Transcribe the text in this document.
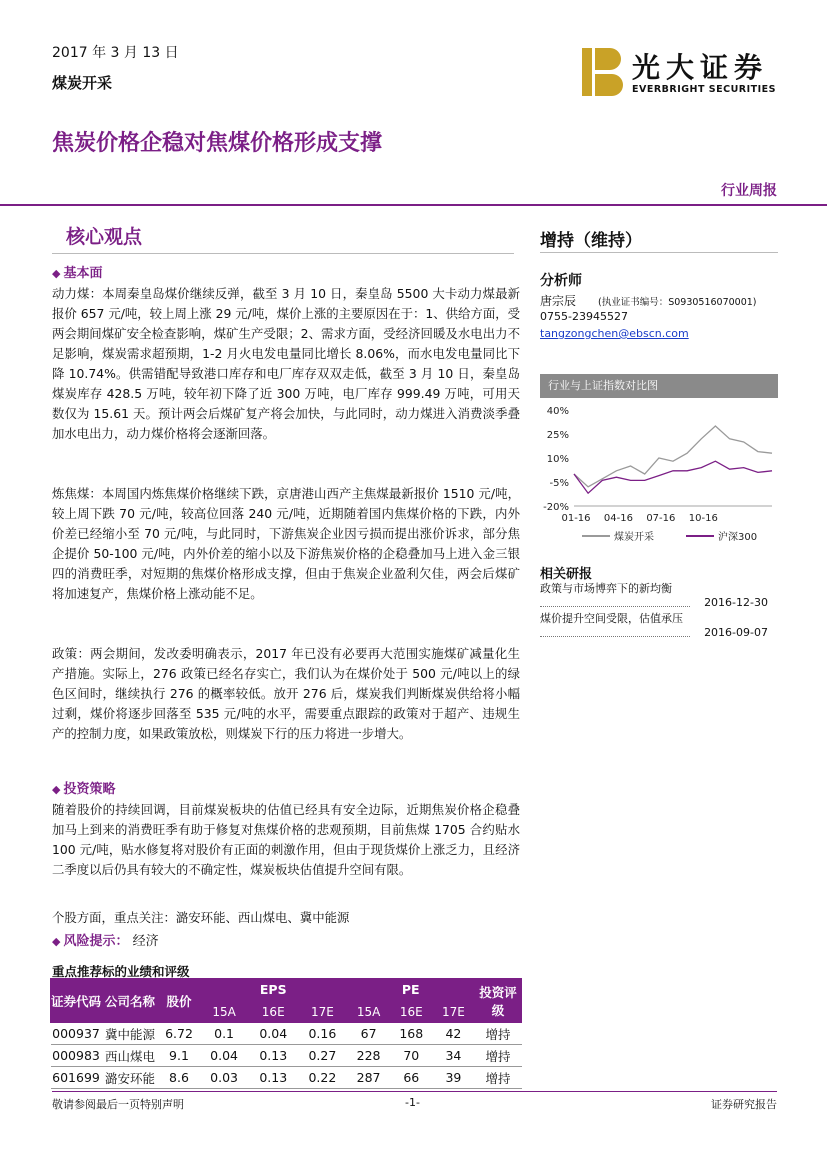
2017 年 3 月 13 日
煤炭开采	光大证券
EVERBRIGHT SECURITIES
焦炭价格企稳对焦煤价格形成支撑
行业周报
核心观点
◆ 基本面

动力煤：本周秦皇岛煤价继续反弹，截至 3 月 10 日，秦皇岛 5500 大卡动力煤最新报价 657 元/吨，较上周上涨 29 元/吨，煤价上涨的主要原因在于：1、供给方面，受两会期间煤矿安全检查影响，煤矿生产受限；2、需求方面，受经济回暖及水电出力不足影响，煤炭需求超预期，1-2 月火电发电量同比增长 8.06%，而水电发电量同比下降 10.74%。供需错配导致港口库存和电厂库存双双走低，截至 3 月 10 日，秦皇岛煤炭库存 428.5 万吨，较年初下降了近 300 万吨，电厂库存 999.49 万吨，可用天数仅为 15.61 天。预计两会后煤矿复产将会加快，与此同时，动力煤进入消费淡季叠加水电出力，动力煤价格将会逐渐回落。

炼焦煤：本周国内炼焦煤价格继续下跌，京唐港山西产主焦煤最新报价 1510 元/吨，较上周下跌 70 元/吨，较高位回落 240 元/吨，近期随着国内焦煤价格的下跌，内外价差已经缩小至 70 元/吨，与此同时，下游焦炭企业因亏损而提出涨价诉求，部分焦企提价 50-100 元/吨，内外价差的缩小以及下游焦炭价格的企稳叠加马上进入金三银四的消费旺季，对短期的焦煤价格形成支撑，但由于焦炭企业盈利欠佳，两会后煤矿将加速复产，焦煤价格上涨动能不足。

政策：两会期间，发改委明确表示，2017 年已没有必要再大范围实施煤矿减量化生产措施。实际上，276 政策已经名存实亡，我们认为在煤价处于 500 元/吨以上的绿色区间时，继续执行 276 的概率较低。放开 276 后，煤炭我们判断煤炭供给将小幅过剩，煤价将逐步回落至 535 元/吨的水平，需要重点跟踪的政策对于超产、违规生产的控制力度，如果政策放松，则煤炭下行的压力将进一步增大。

◆ 投资策略

随着股价的持续回调，目前煤炭板块的估值已经具有安全边际，近期焦炭价格企稳叠加马上到来的消费旺季有助于修复对焦煤价格的悲观预期，目前焦煤 1705 合约贴水 100 元/吨，贴水修复将对股价有正面的刺激作用，但由于现货煤价上涨乏力，且经济二季度以后仍具有较大的不确定性，煤炭板块估值提升空间有限。

个股方面，重点关注：潞安环能、西山煤电、冀中能源

◆ 风险提示： 经济
增持（维持）
分析师
唐宗辰 (执业证书编号：S0930516070001)
0755-23945527
tangzongchen@ebscn.com
行业与上证指数对比图
40%
25%
10%
-5%
-20%
01-16 04-16 07-16 10-16
煤炭开采	沪深300
相关研报
政策与市场博弈下的新均衡
2016-12-30
煤价提升空间受限，估值承压
2016-09-07
重点推荐标的业绩和评级
证券代码	公司名称	股价	EPS			PE			投资评级
			15A	16E	17E	15A	16E	17E	
000937	冀中能源	6.72	0.1	0.04	0.16	67	168	42	增持
000983	西山煤电	9.1	0.04	0.13	0.27	228	70	34	增持
601699	潞安环能	8.6	0.03	0.13	0.22	287	66	39	增持
敬请参阅最后一页特别声明	-1-	证券研究报告
